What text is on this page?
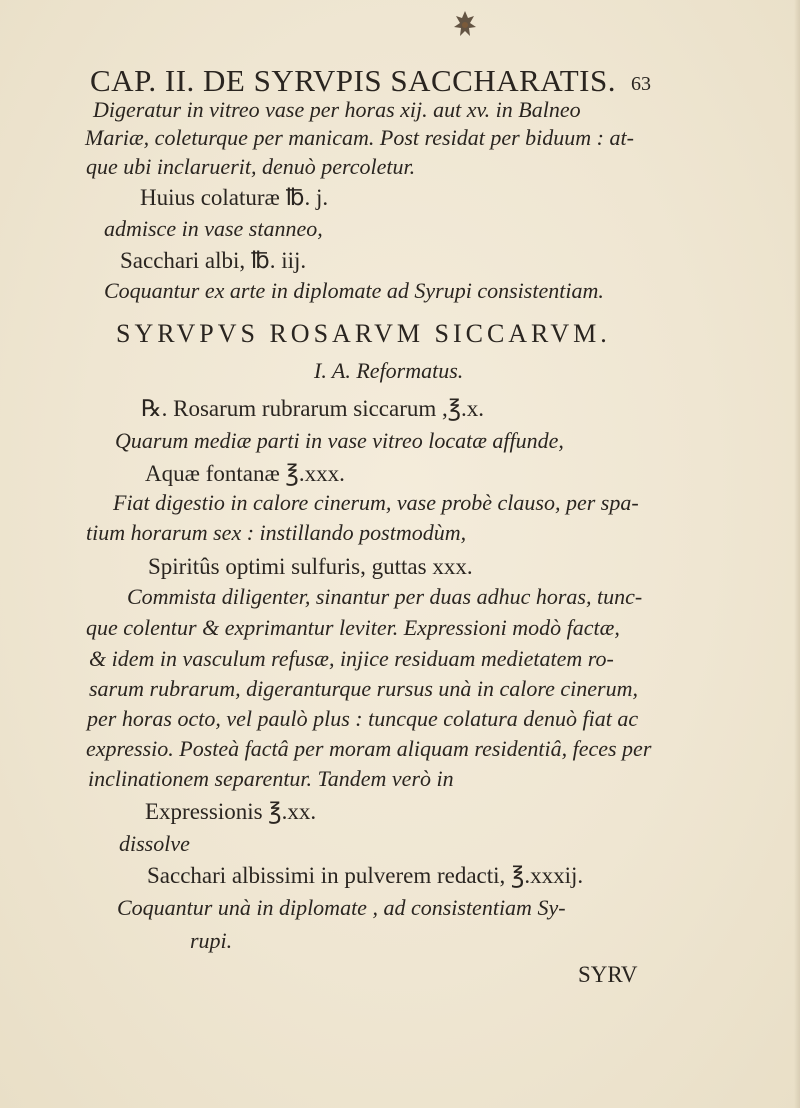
CAP. II. DE SYRVPIS SACCHARATIS. 63
Digeratur in vitreo vase per horas xij. aut xv. in Balneo
Mariæ, coleturque per manicam. Post residat per biduum : at-
que ubi inclaruerit, denuò percoletur.
Huius colaturæ ℔. j.
admisce in vase stanneo,
Sacchari albi, ℔. iij.
Coquantur ex arte in diplomate ad Syrupi consistentiam.
SYRVPVS ROSARVM SICCARVM.
I. A. Reformatus.
℞. Rosarum rubrarum siccarum ,℥.x.
Quarum mediæ parti in vase vitreo locatæ affunde,
Aquæ fontanæ ℥.xxx.
Fiat digestio in calore cinerum, vase probè clauso, per spa-
tium horarum sex : instillando postmodùm,
Spiritûs optimi sulfuris, guttas xxx.
Commista diligenter, sinantur per duas adhuc horas, tunc-
que colentur & exprimantur leviter. Expressioni modò factæ,
& idem in vasculum refusæ, injice residuam medietatem ro-
sarum rubrarum, digeranturque rursus unà in calore cinerum,
per horas octo, vel paulò plus : tuncque colatura denuò fiat ac
expressio. Posteà factâ per moram aliquam residentiâ, feces per
inclinationem separentur. Tandem verò in
Expressionis ℥.xx.
dissolve
Sacchari albissimi in pulverem redacti, ℥.xxxij.
Coquantur unà in diplomate , ad consistentiam Sy-
rupi.
SYRV
